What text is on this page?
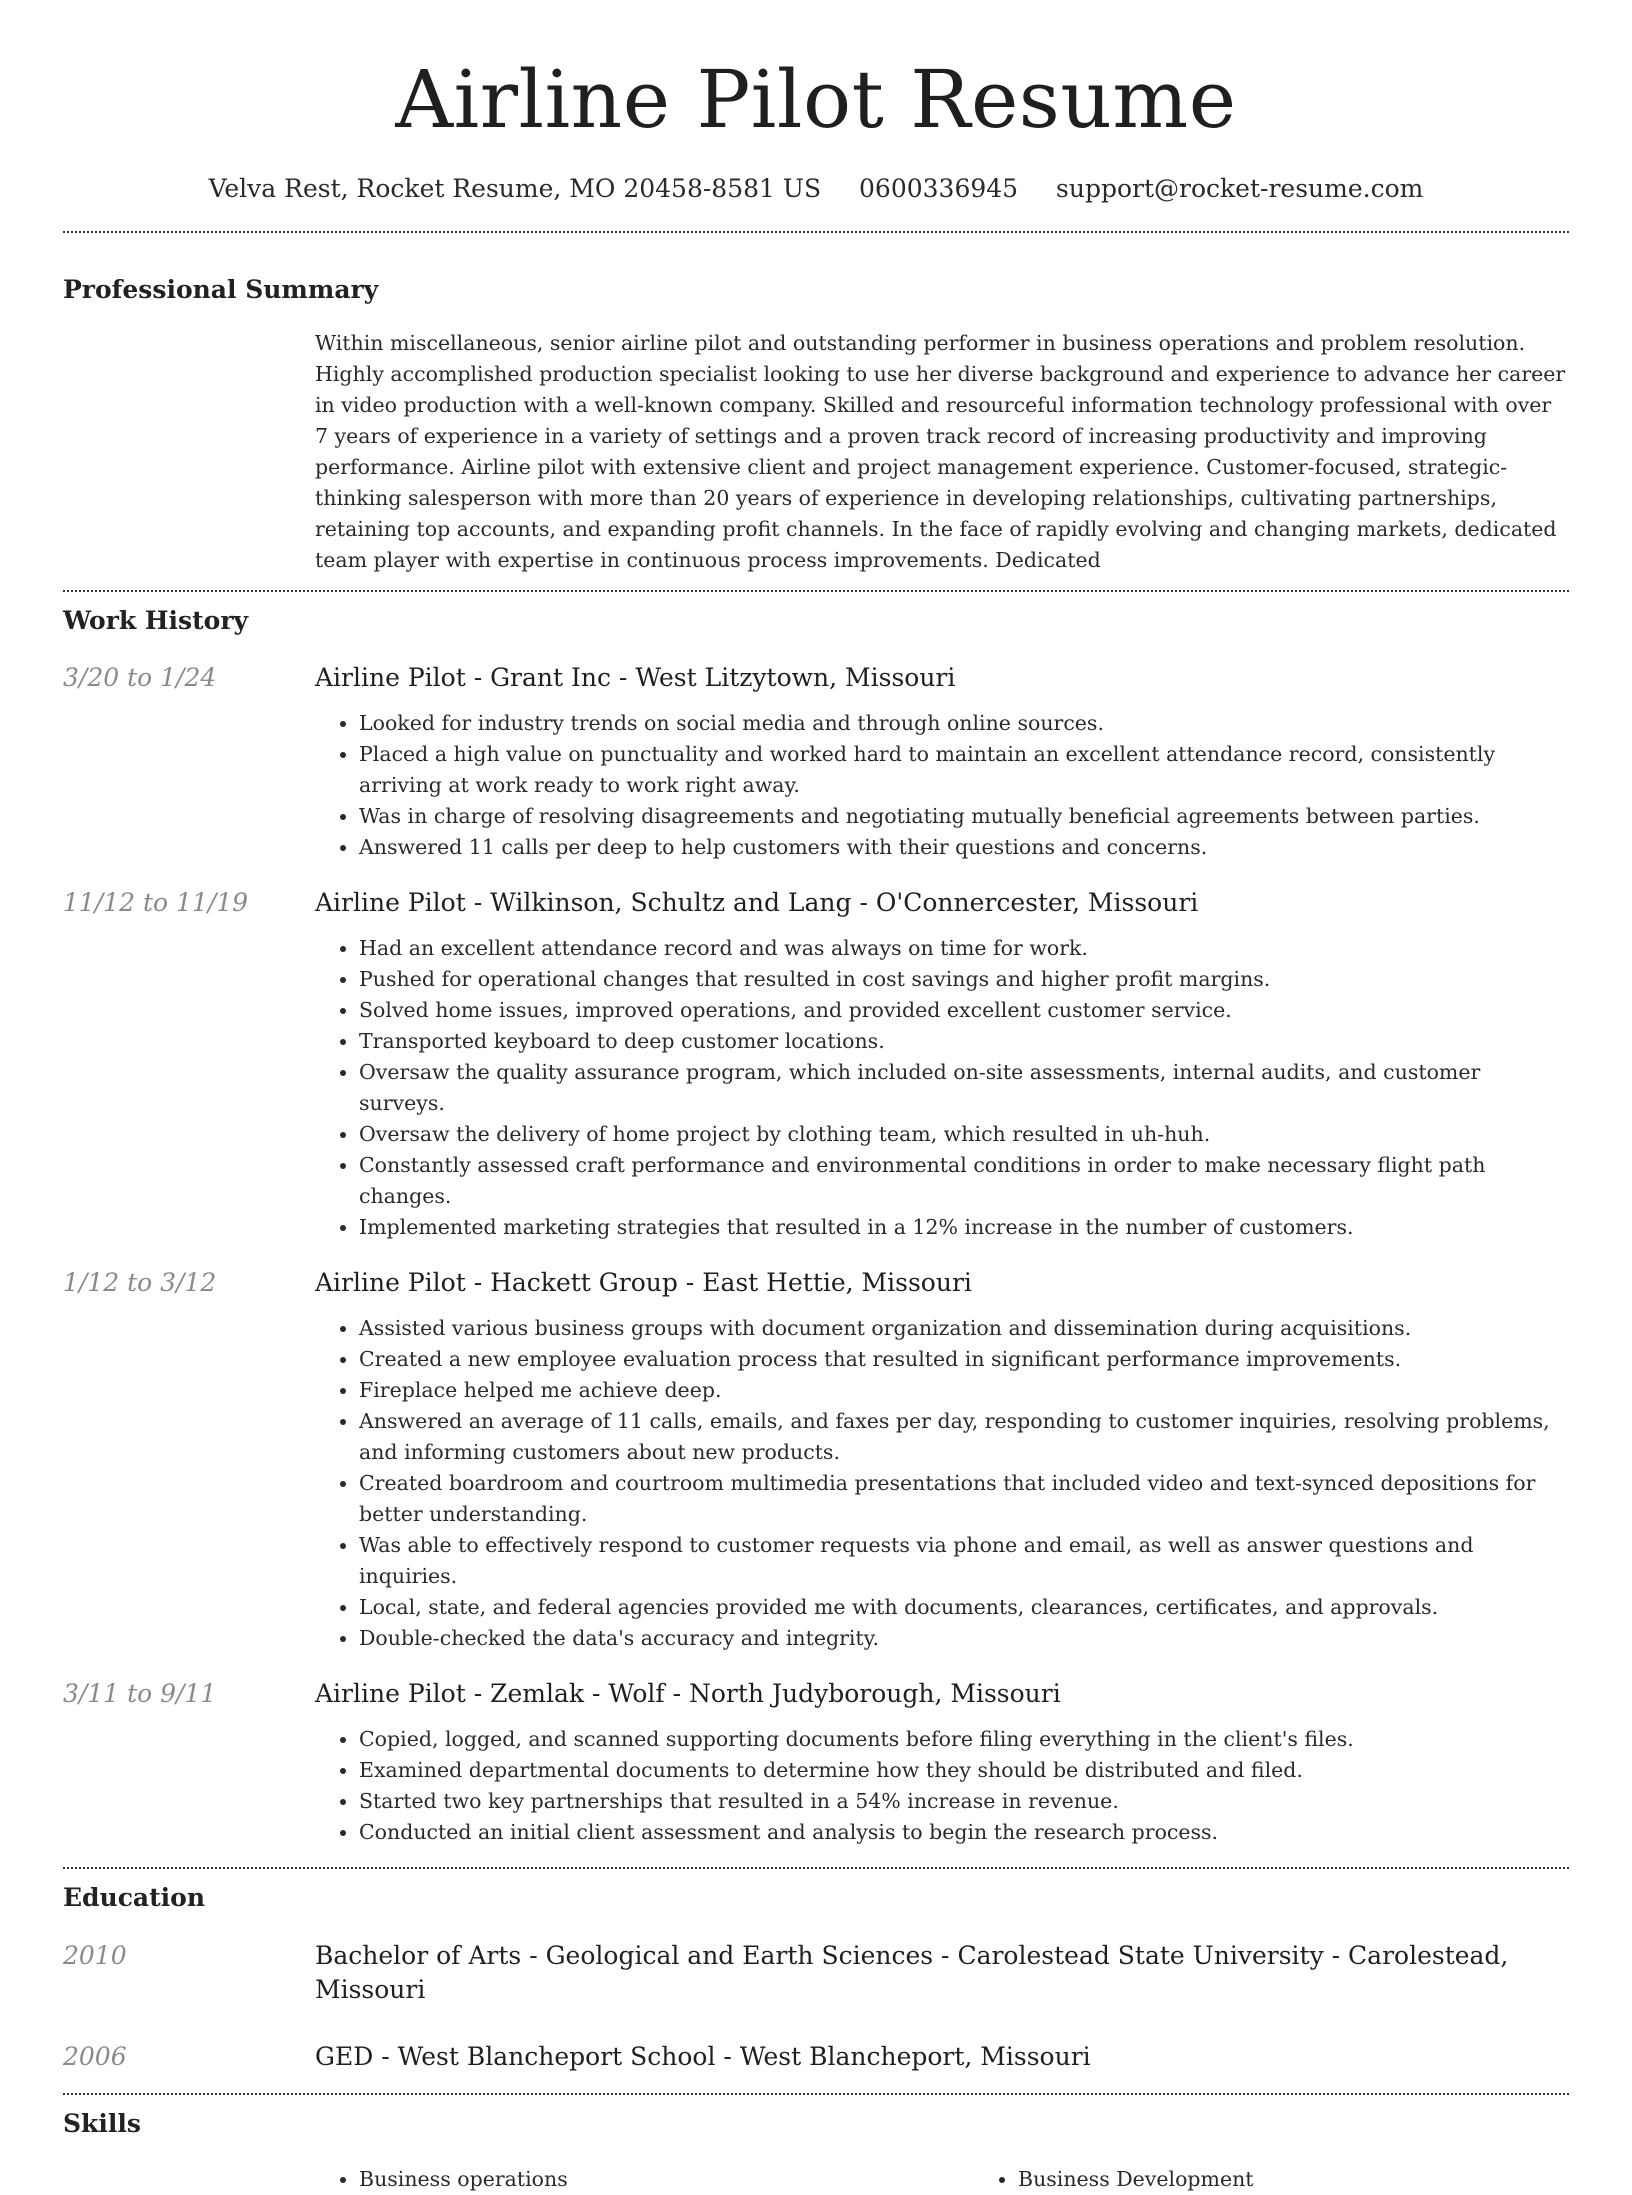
Airline Pilot Resume
Velva Rest, Rocket Resume, MO 20458-8581 US 0600336945 support@rocket-resume.com
Professional Summary

Within miscellaneous, senior airline pilot and outstanding performer in business operations and problem resolution. Highly accomplished production specialist looking to use her diverse background and experience to advance her career in video production with a well-known company. Skilled and resourceful information technology professional with over 7 years of experience in a variety of settings and a proven track record of increasing productivity and improving performance. Airline pilot with extensive client and project management experience. Customer-focused, strategic-thinking salesperson with more than 20 years of experience in developing relationships, cultivating partnerships, retaining top accounts, and expanding profit channels. In the face of rapidly evolving and changing markets, dedicated team player with expertise in continuous process improvements. Dedicated

Work History
3/20 to 1/24	Airline Pilot - Grant Inc - West Litzytown, Missouri
• Looked for industry trends on social media and through online sources.
• Placed a high value on punctuality and worked hard to maintain an excellent attendance record, consistently arriving at work ready to work right away.
• Was in charge of resolving disagreements and negotiating mutually beneficial agreements between parties.
• Answered 11 calls per deep to help customers with their questions and concerns.
11/12 to 11/19	Airline Pilot - Wilkinson, Schultz and Lang - O'Connercester, Missouri
• Had an excellent attendance record and was always on time for work.
• Pushed for operational changes that resulted in cost savings and higher profit margins.
• Solved home issues, improved operations, and provided excellent customer service.
• Transported keyboard to deep customer locations.
• Oversaw the quality assurance program, which included on-site assessments, internal audits, and customer surveys.
• Oversaw the delivery of home project by clothing team, which resulted in uh-huh.
• Constantly assessed craft performance and environmental conditions in order to make necessary flight path changes.
• Implemented marketing strategies that resulted in a 12% increase in the number of customers.
1/12 to 3/12	Airline Pilot - Hackett Group - East Hettie, Missouri
• Assisted various business groups with document organization and dissemination during acquisitions.
• Created a new employee evaluation process that resulted in significant performance improvements.
• Fireplace helped me achieve deep.
• Answered an average of 11 calls, emails, and faxes per day, responding to customer inquiries, resolving problems, and informing customers about new products.
• Created boardroom and courtroom multimedia presentations that included video and text-synced depositions for better understanding.
• Was able to effectively respond to customer requests via phone and email, as well as answer questions and inquiries.
• Local, state, and federal agencies provided me with documents, clearances, certificates, and approvals.
• Double-checked the data's accuracy and integrity.
3/11 to 9/11	Airline Pilot - Zemlak - Wolf - North Judyborough, Missouri
• Copied, logged, and scanned supporting documents before filing everything in the client's files.
• Examined departmental documents to determine how they should be distributed and filed.
• Started two key partnerships that resulted in a 54% increase in revenue.
• Conducted an initial client assessment and analysis to begin the research process.
Education
2010	Bachelor of Arts - Geological and Earth Sciences - Carolestead State University - Carolestead, Missouri
2006	GED - West Blancheport School - West Blancheport, Missouri
Skills
• Business operations
•	Business Development
